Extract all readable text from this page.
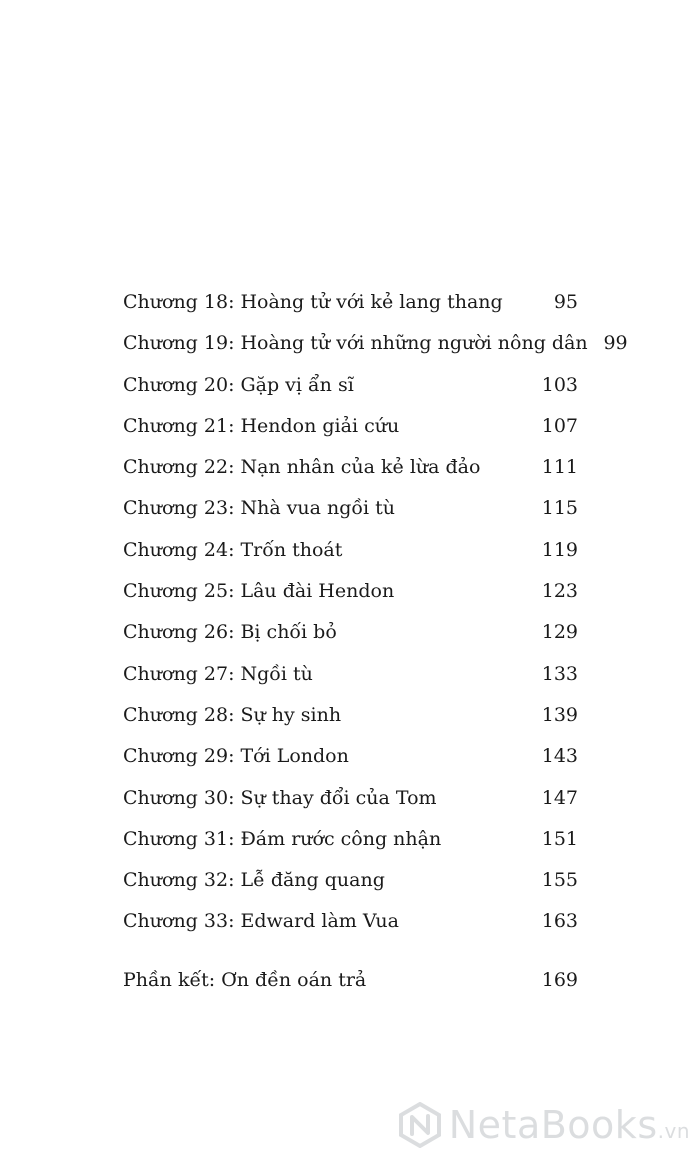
Chương 18: Hoàng tử với kẻ lang thang	95
Chương 19: Hoàng tử với những người nông dân 99
Chương 20: Gặp vị ẩn sĩ	103
Chương 21: Hendon giải cứu	107
Chương 22: Nạn nhân của kẻ lừa đảo	111
Chương 23: Nhà vua ngồi tù	115
Chương 24: Trốn thoát	119
Chương 25: Lâu đài Hendon	123
Chương 26: Bị chối bỏ	129
Chương 27: Ngồi tù	133
Chương 28: Sự hy sinh	139
Chương 29: Tới London	143
Chương 30: Sự thay đổi của Tom	147
Chương 31: Đám rước công nhận	151
Chương 32: Lễ đăng quang	155
Chương 33: Edward làm Vua	163
Phần kết: Ơn đền oán trả	169
NetaBooks.vn
